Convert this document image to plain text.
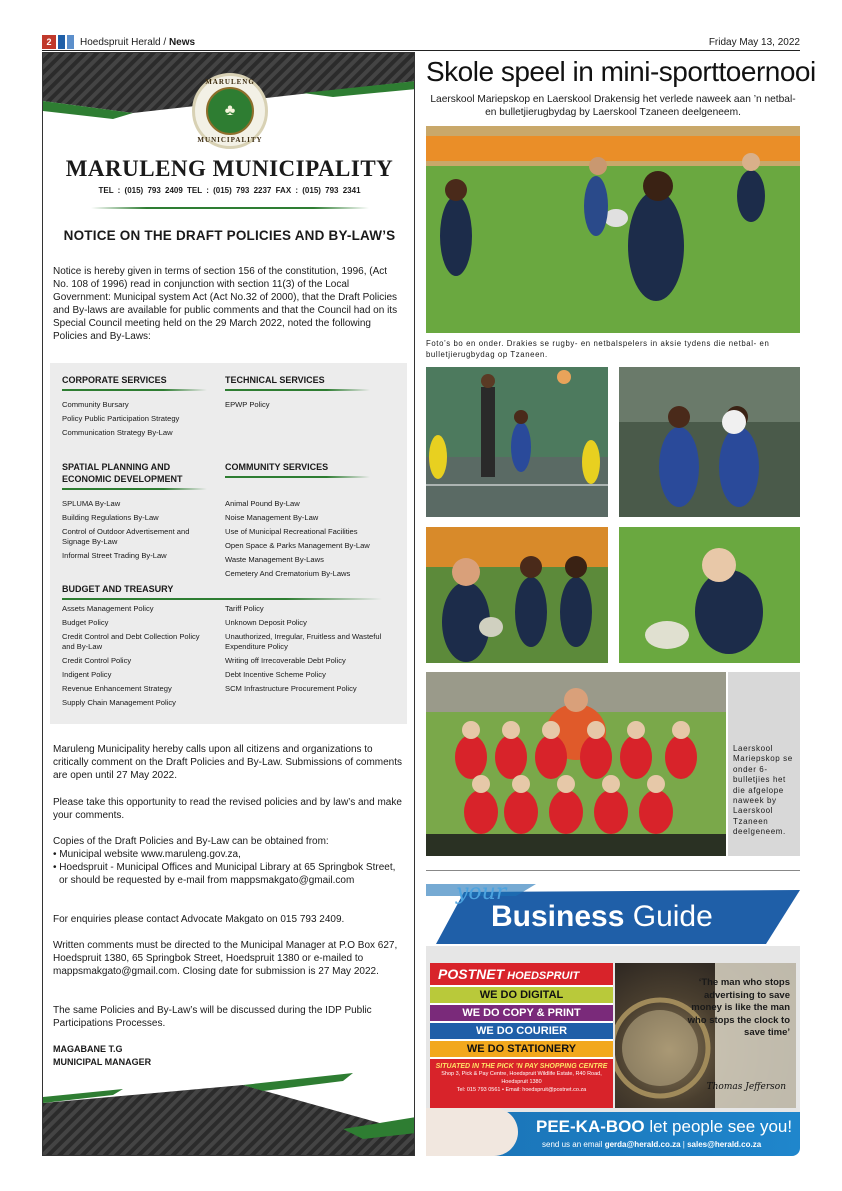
2	Hoedspruit Herald / News	Friday May 13, 2022
MARULENG
♣
MUNICIPALITY
MARULENG MUNICIPALITY
TEL : (015) 793 2409 TEL : (015) 793 2237 FAX : (015) 793 2341
NOTICE ON THE DRAFT POLICIES AND BY-LAW’S
Notice is hereby given in terms of section 156 of the constitution, 1996, (Act No. 108 of 1996) read in conjunction with section 11(3) of the Local Government: Municipal system Act (Act No.32 of 2000), that the Draft Policies and By-laws are available for public comments and that the Council had on its Special Council meeting held on the 29 March 2022, noted the following Policies and By-Laws:
CORPORATE SERVICES
Community Bursary
Policy Public Participation Strategy
Communication Strategy By-Law
TECHNICAL SERVICES
EPWP Policy
SPATIAL PLANNING AND ECONOMIC DEVELOPMENT
SPLUMA By-Law
Building Regulations By-Law
Control of Outdoor Advertisement and Signage By-Law
Informal Street Trading By-Law
COMMUNITY SERVICES
Animal Pound By-Law
Noise Management By-Law
Use of Municipal Recreational Facilities
Open Space & Parks Management By-Law
Waste Management By-Laws
Cemetery And Crematorium By-Laws
BUDGET AND TREASURY
Assets Management Policy
Budget Policy
Credit Control and Debt Collection Policy and By-Law
Credit Control Policy
Indigent Policy
Revenue Enhancement Strategy
Supply Chain Management Policy
Tariff Policy
Unknown Deposit Policy
Unauthorized, Irregular, Fruitless and Wasteful Expenditure Policy
Writing off Irrecoverable Debt Policy
Debt Incentive Scheme Policy
SCM Infrastructure Procurement Policy
Maruleng Municipality hereby calls upon all citizens and organizations to critically comment on the Draft Policies and By-Law. Submissions of comments are open until 27 May 2022.
Please take this opportunity to read the revised policies and by law’s and make your comments.
Copies of the Draft Policies and By-Law can be obtained from:
• Municipal website www.maruleng.gov.za,
• Hoedspruit - Municipal Offices and Municipal Library at 65 Springbok Street, or should be requested by e-mail from mappsmakgato@gmail.com
For enquiries please contact Advocate Makgato on 015 793 2409.
Written comments must be directed to the Municipal Manager at P.O Box 627, Hoedspruit 1380, 65 Springbok Street, Hoedspruit 1380 or e-mailed to mappsmakgato@gmail.com. Closing date for submission is 27 May 2022.
The same Policies and By-Law’s will be discussed during the IDP Public Participations Processes.
MAGABANE T.G
MUNICIPAL MANAGER
Skole speel in mini-sporttoernooi
Laerskool Mariepskop en Laerskool Drakensig het verlede naweek aan ’n netbal- en bulletjierugbydag by Laerskool Tzaneen deelgeneem.
Foto’s bo en onder. Drakies se rugby- en netbalspelers in aksie tydens die netbal- en bulletjierugbydag op Tzaneen.
Laerskool Mariepskop se onder 6-bulletjies het die afgelope naweek by Laerskool Tzaneen deelgeneem.
your
Business Guide
POSTNET HOEDSPRUIT
WE DO DIGITAL
WE DO COPY & PRINT
WE DO COURIER
WE DO STATIONERY
SITUATED IN THE PICK ’N PAY SHOPPING CENTRE
Shop 3, Pick & Pay Centre, Hoedspruit Wildlife Estate, R40 Road, Hoedspruit 1380
Tel: 015 793 0561 • Email: hoedspruit@postnet.co.za
‘The man who stops advertising to save money is like the man who stops the clock to save time’
Thomas Jefferson
PEE-KA-BOO let people see you!
send us an email gerda@herald.co.za | sales@herald.co.za
